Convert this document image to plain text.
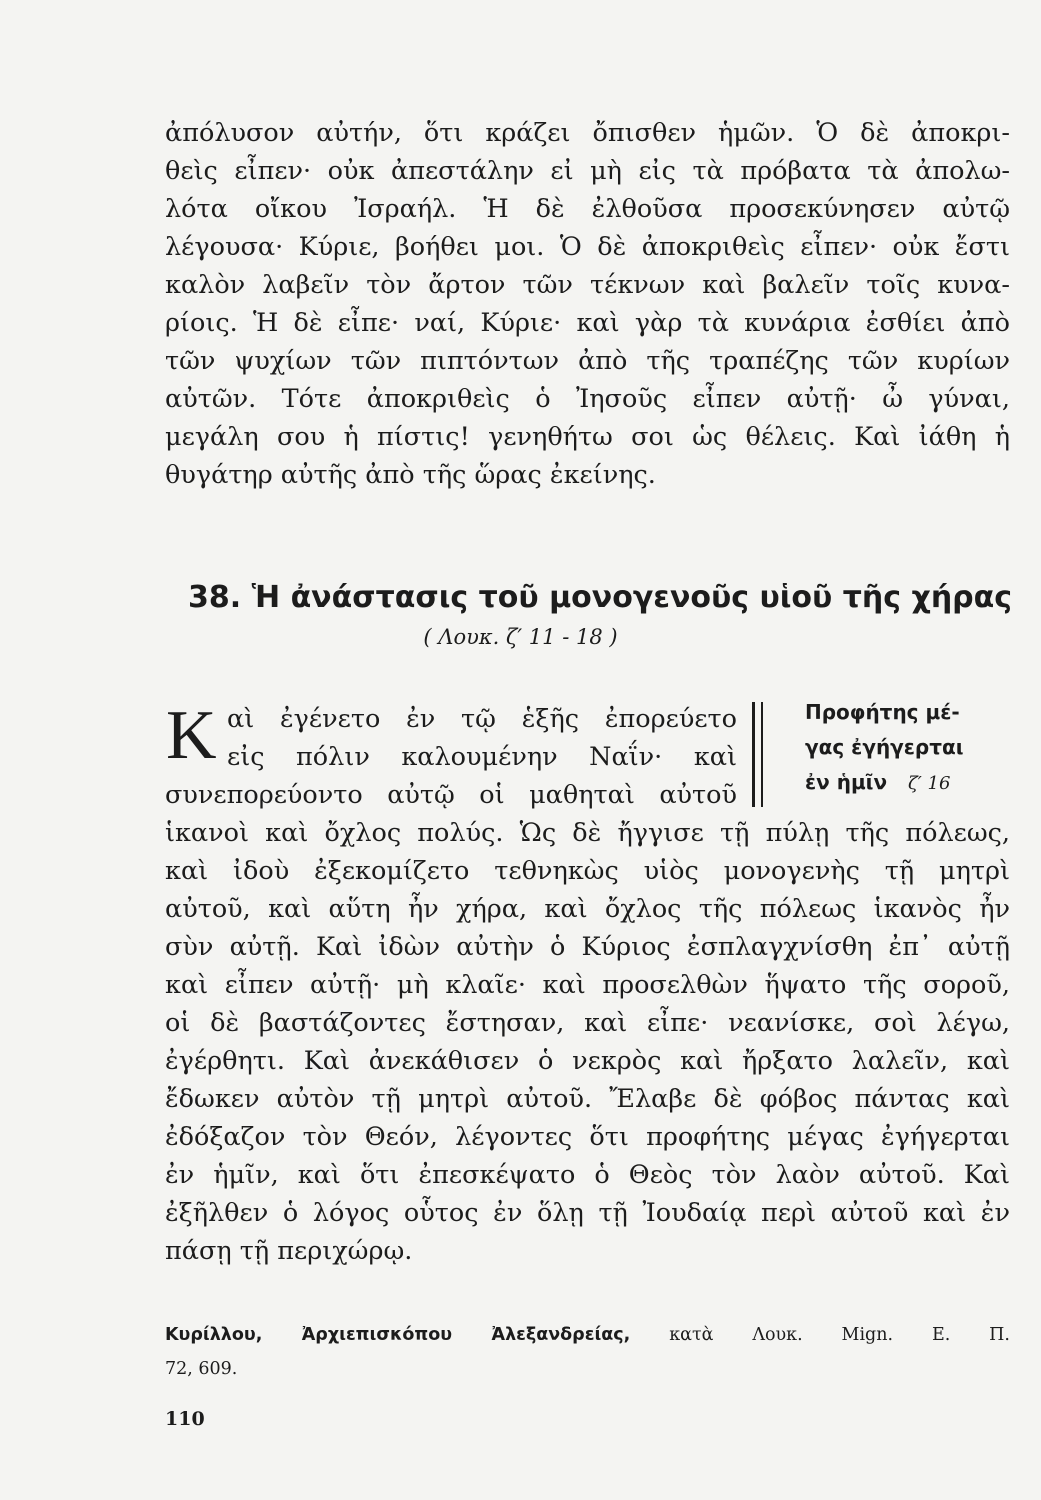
ἀπόλυσον αὐτήν, ὅτι κράζει ὄπισθεν ἡμῶν. Ὁ δὲ ἀποκρι-
θεὶς εἶπεν· οὐκ ἀπεστάλην εἰ μὴ εἰς τὰ πρόβατα τὰ ἀπολω-
λότα οἴκου Ἰσραήλ. Ἡ δὲ ἐλθοῦσα προσεκύνησεν αὐτῷ
λέγουσα· Κύριε, βοήθει μοι. Ὁ δὲ ἀποκριθεὶς εἶπεν· οὐκ ἔστι
καλὸν λαβεῖν τὸν ἄρτον τῶν τέκνων καὶ βαλεῖν τοῖς κυνα-
ρίοις. Ἡ δὲ εἶπε· ναί, Κύριε· καὶ γὰρ τὰ κυνάρια ἐσθίει ἀπὸ
τῶν ψυχίων τῶν πιπτόντων ἀπὸ τῆς τραπέζης τῶν κυρίων
αὐτῶν. Τότε ἀποκριθεὶς ὁ Ἰησοῦς εἶπεν αὐτῇ· ὦ γύναι,
μεγάλη σου ἡ πίστις! γενηθήτω σοι ὡς θέλεις. Καὶ ἰάθη ἡ
θυγάτηρ αὐτῆς ἀπὸ τῆς ὥρας ἐκείνης.
38. Ἡ ἀνάστασις τοῦ μονογενοῦς υἱοῦ τῆς χήρας
( Λουκ. ζ′ 11 - 18 )
Κ αὶ ἐγένετο ἐν τῷ ἑξῆς ἐπορεύετο
εἰς πόλιν καλουμένην Ναΐν· καὶ
συνεπορεύοντο αὐτῷ οἱ μαθηταὶ αὐτοῦ
Προφήτης μέ-
γας ἐγήγερται
ἐν ἡμῖν ζ′ 16
ἱκανοὶ καὶ ὄχλος πολύς. Ὡς δὲ ἤγγισε τῇ πύλῃ τῆς πόλεως,
καὶ ἰδοὺ ἐξεκομίζετο τεθνηκὼς υἱὸς μονογενὴς τῇ μητρὶ
αὐτοῦ, καὶ αὕτη ἦν χήρα, καὶ ὄχλος τῆς πόλεως ἱκανὸς ἦν
σὺν αὐτῇ. Καὶ ἰδὼν αὐτὴν ὁ Κύριος ἐσπλαγχνίσθη ἐπ᾽ αὐτῇ
καὶ εἶπεν αὐτῇ· μὴ κλαῖε· καὶ προσελθὼν ἥψατο τῆς σοροῦ,
οἱ δὲ βαστάζοντες ἔστησαν, καὶ εἶπε· νεανίσκε, σοὶ λέγω,
ἐγέρθητι. Καὶ ἀνεκάθισεν ὁ νεκρὸς καὶ ἤρξατο λαλεῖν, καὶ
ἔδωκεν αὐτὸν τῇ μητρὶ αὐτοῦ. Ἔλαβε δὲ φόβος πάντας καὶ
ἐδόξαζον τὸν Θεόν, λέγοντες ὅτι προφήτης μέγας ἐγήγερται
ἐν ἡμῖν, καὶ ὅτι ἐπεσκέψατο ὁ Θεὸς τὸν λαὸν αὐτοῦ. Καὶ
ἐξῆλθεν ὁ λόγος οὗτος ἐν ὅλῃ τῇ Ἰουδαίᾳ περὶ αὐτοῦ καὶ ἐν
πάσῃ τῇ περιχώρῳ.
Κυρίλλου, Ἀρχιεπισκόπου Ἀλεξανδρείας, κατὰ Λουκ. Mign. Ε. Π.
72, 609.
110
